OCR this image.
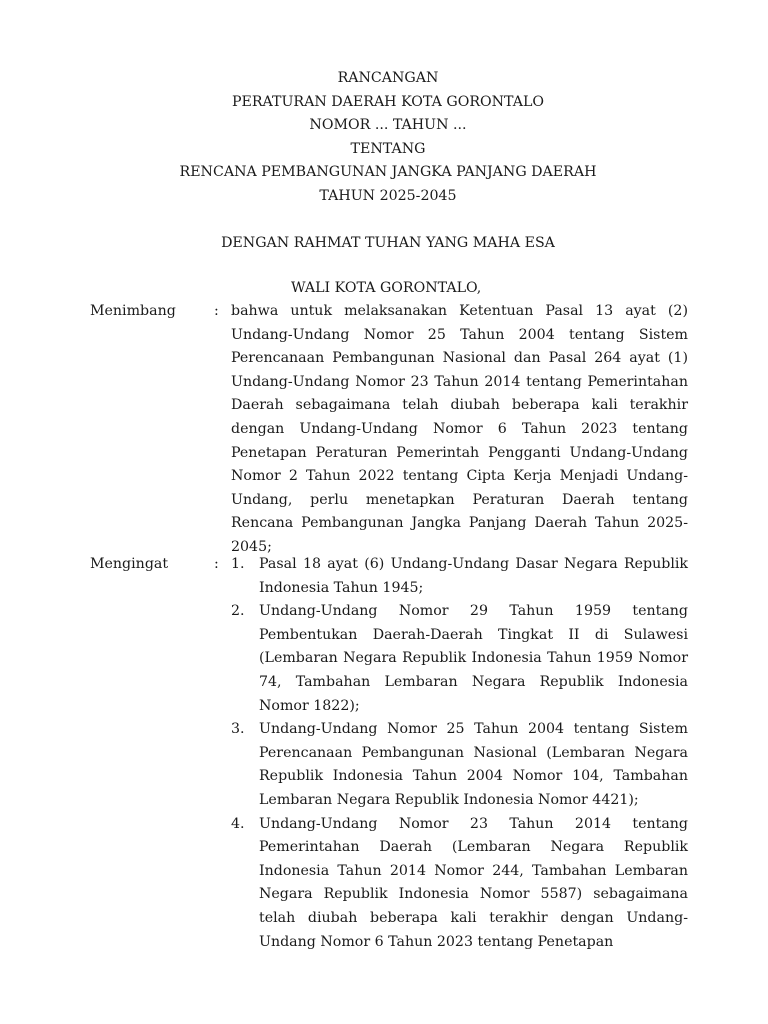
RANCANGAN
PERATURAN DAERAH KOTA GORONTALO
NOMOR ... TAHUN ...
TENTANG
RENCANA PEMBANGUNAN JANGKA PANJANG DAERAH
TAHUN 2025-2045
DENGAN RAHMAT TUHAN YANG MAHA ESA
WALI KOTA GORONTALO,
Menimbang	: bahwa untuk melaksanakan Ketentuan Pasal 13 ayat (2) Undang-Undang Nomor 25 Tahun 2004 tentang Sistem Perencanaan Pembangunan Nasional dan Pasal 264 ayat (1) Undang-Undang Nomor 23 Tahun 2014 tentang Pemerintahan Daerah sebagaimana telah diubah beberapa kali terakhir dengan Undang-Undang Nomor 6 Tahun 2023 tentang Penetapan Peraturan Pemerintah Pengganti Undang-Undang Nomor 2 Tahun 2022 tentang Cipta Kerja Menjadi Undang-Undang, perlu menetapkan Peraturan Daerah tentang Rencana Pembangunan Jangka Panjang Daerah Tahun 2025-2045;
Mengingat	: 1. Pasal 18 ayat (6) Undang-Undang Dasar Negara Republik Indonesia Tahun 1945;
2. Undang-Undang Nomor 29 Tahun 1959 tentang Pembentukan Daerah-Daerah Tingkat II di Sulawesi (Lembaran Negara Republik Indonesia Tahun 1959 Nomor 74, Tambahan Lembaran Negara Republik Indonesia Nomor 1822);
3. Undang-Undang Nomor 25 Tahun 2004 tentang Sistem Perencanaan Pembangunan Nasional (Lembaran Negara Republik Indonesia Tahun 2004 Nomor 104, Tambahan Lembaran Negara Republik Indonesia Nomor 4421);
4. Undang-Undang Nomor 23 Tahun 2014 tentang Pemerintahan Daerah (Lembaran Negara Republik Indonesia Tahun 2014 Nomor 244, Tambahan Lembaran Negara Republik Indonesia Nomor 5587) sebagaimana telah diubah beberapa kali terakhir dengan Undang-Undang Nomor 6 Tahun 2023 tentang Penetapan
